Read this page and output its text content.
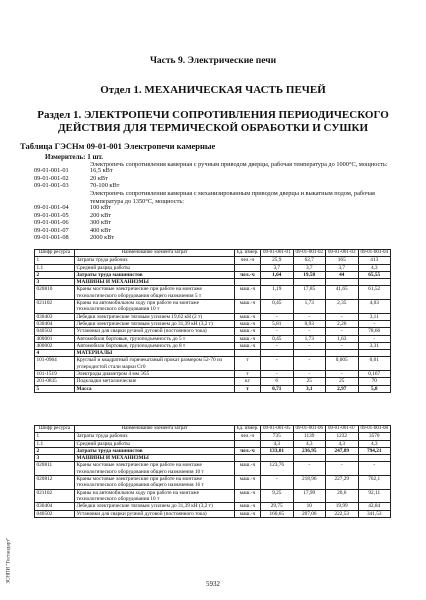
Часть 9. Электрические печи
Отдел 1. МЕХАНИЧЕСКАЯ ЧАСТЬ ПЕЧЕЙ
Раздел 1. ЭЛЕКТРОПЕЧИ СОПРОТИВЛЕНИЯ ПЕРИОДИЧЕСКОГО ДЕЙСТВИЯ ДЛЯ ТЕРМИЧЕСКОЙ ОБРАБОТКИ И СУШКИ
Таблица ГЭСНм 09-01-001 Электропечи камерные
Измеритель: 1 шт.
Электропечь сопротивления камерная с ручным приводом дверцы, рабочая температура до 1000°C, мощность:
09-01-001-01	16,5 кВт
09-01-001-02	20 кВт
09-01-001-03	70-100 кВт
Электропечь сопротивления камерная с механизированным приводом дверцы и выкатным подом, рабочая температура до 1350°C, мощность:
09-01-001-04	100 кВт
09-01-001-05	200 кВт
09-01-001-06	300 кВт
09-01-001-07	400 кВт
09-01-001-08	2000 кВт
Шифр ресурса	Наименование элемента затрат	Ед. измер.	09-01-001-01	09-01-001-02	09-01-001-03	09-01-001-04
1	Затраты труда рабочих	чел.-ч	25,9	62,7	165	413
1.1	Средний разряд работы		3,7	3,7	3,7	4,3
2	Затраты труда машинистов	чел.-ч	1,64	19,58	44	65,55
3	МАШИНЫ И МЕХАНИЗМЫ					
020810	Краны мостовые электрические при работе на монтаже технологического оборудования общего назначения 5 т	маш.-ч	1,19	17,85	41,65	61,52
021102	Краны на автомобильном ходу при работе на монтаже технологического оборудования 10 т	маш.-ч	0,45	1,73	2,35	4,03
030403	Лебедки электрические тяговым усилием 19,62 кН (2 т)	маш.-ч	-	-	-	3,11
030404	Лебедки электрические тяговым усилием до 31,39 кН (3,2 т)	маш.-ч	5,81	0,93	2,26	-
040502	Установки для сварки ручной дуговой (постоянного тока)	маш.-ч	-	-	-	78,66
400001	Автомобили бортовые, грузоподъемность до 5 т	маш.-ч	0,45	1,73	1,63	-
400002	Автомобили бортовые, грузоподъемность до 8 т	маш.-ч	-	-	-	3,31
4	МАТЕРИАЛЫ					
101-0964	Круглый и квадратный горячекатаный прокат размером 52-70 из углеродистой стали марки Ст0	т	-	-	0,005	0,01
101-1519	Электроды диаметром 4 мм Э55	т	-	-	-	0,167
201-0835	Подкладки металлические	кг	6	25	25	70
5	Масса	т	0,71	3,1	2,97	5,8
Шифр ресурса	Наименование элемента затрат	Ед. измер.	09-01-001-05	09-01-001-06	09-01-001-07	09-01-001-08
1	Затраты труда рабочих	чел.-ч	735	1139	1232	3570
1.1	Средний разряд работы		4,3	4,3	4,3	4,3
2	Затраты труда машинистов	чел.-ч	133,01	236,95	247,89	794,21
3	МАШИНЫ И МЕХАНИЗМЫ					
020811	Краны мостовые электрические при работе на монтаже технологического оборудования общего назначения 10 т	маш.-ч	123,76	-	-	-
020812	Краны мостовые электрические при работе на монтаже технологического оборудования общего назначения 16 т	маш.-ч	-	218,96	227,29	702,1
021102	Краны на автомобильном ходу при работе на монтаже технологического оборудования 10 т	маш.-ч	9,25	17,99	20,6	92,11
030404	Лебедки электрические тяговым усилием до 31,39 кН (3,2 т)	маш.-ч	29,75	10	19,99	42,84
040502	Установки для сварки ручной дуговой (постоянного тока)	маш.-ч	160,65	207,06	222,53	341,53
ЗСНПИ "Гостандарт"
5932
